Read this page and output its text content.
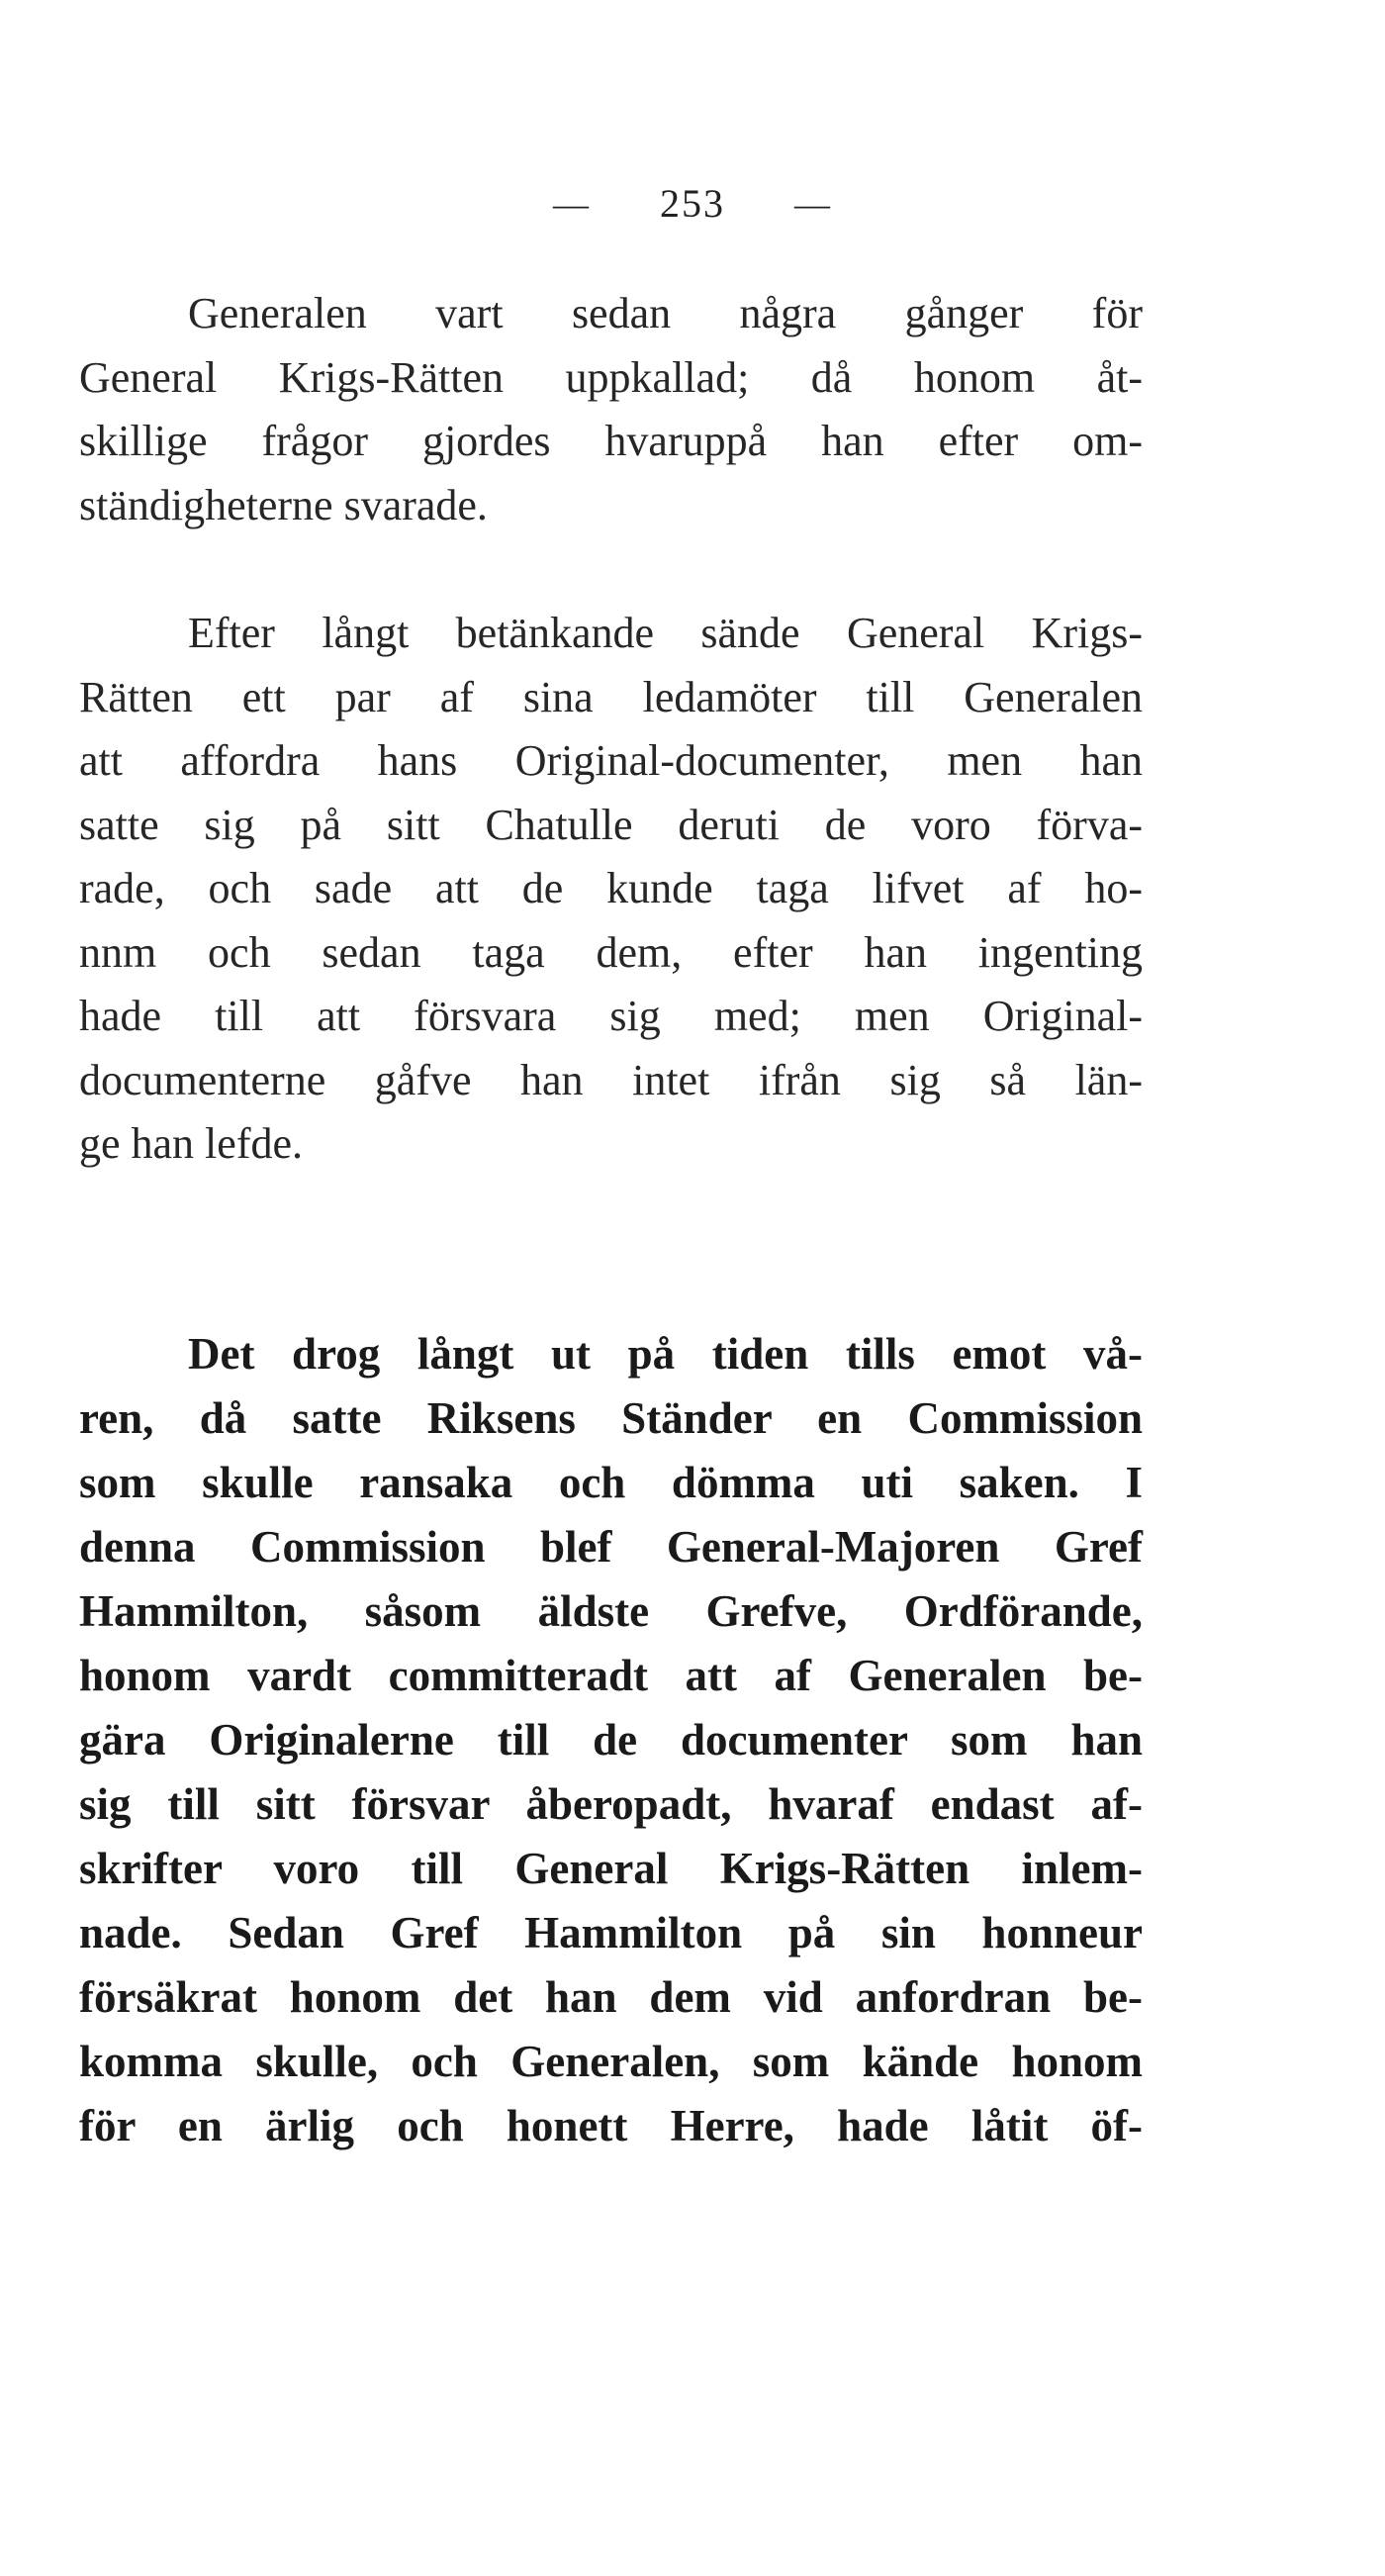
— 253 —
Generalen vart sedan några gånger för
General Krigs-Rätten uppkallad; då honom åt-
skillige frågor gjordes hvaruppå han efter om-
ständigheterne svarade.
Efter långt betänkande sände General Krigs-
Rätten ett par af sina ledamöter till Generalen
att affordra hans Original-documenter, men han
satte sig på sitt Chatulle deruti de voro förva-
rade, och sade att de kunde taga lifvet af ho-
nnm och sedan taga dem, efter han ingenting
hade till att försvara sig med; men Original-
documenterne gåfve han intet ifrån sig så län-
ge han lefde.
Det drog långt ut på tiden tills emot vå-
ren, då satte Riksens Ständer en Commission
som skulle ransaka och dömma uti saken. I
denna Commission blef General-Majoren Gref
Hammilton, såsom äldste Grefve, Ordförande,
honom vardt committeradt att af Generalen be-
gära Originalerne till de documenter som han
sig till sitt försvar åberopadt, hvaraf endast af-
skrifter voro till General Krigs-Rätten inlem-
nade. Sedan Gref Hammilton på sin honneur
försäkrat honom det han dem vid anfordran be-
komma skulle, och Generalen, som kände honom
för en ärlig och honett Herre, hade låtit öf-
